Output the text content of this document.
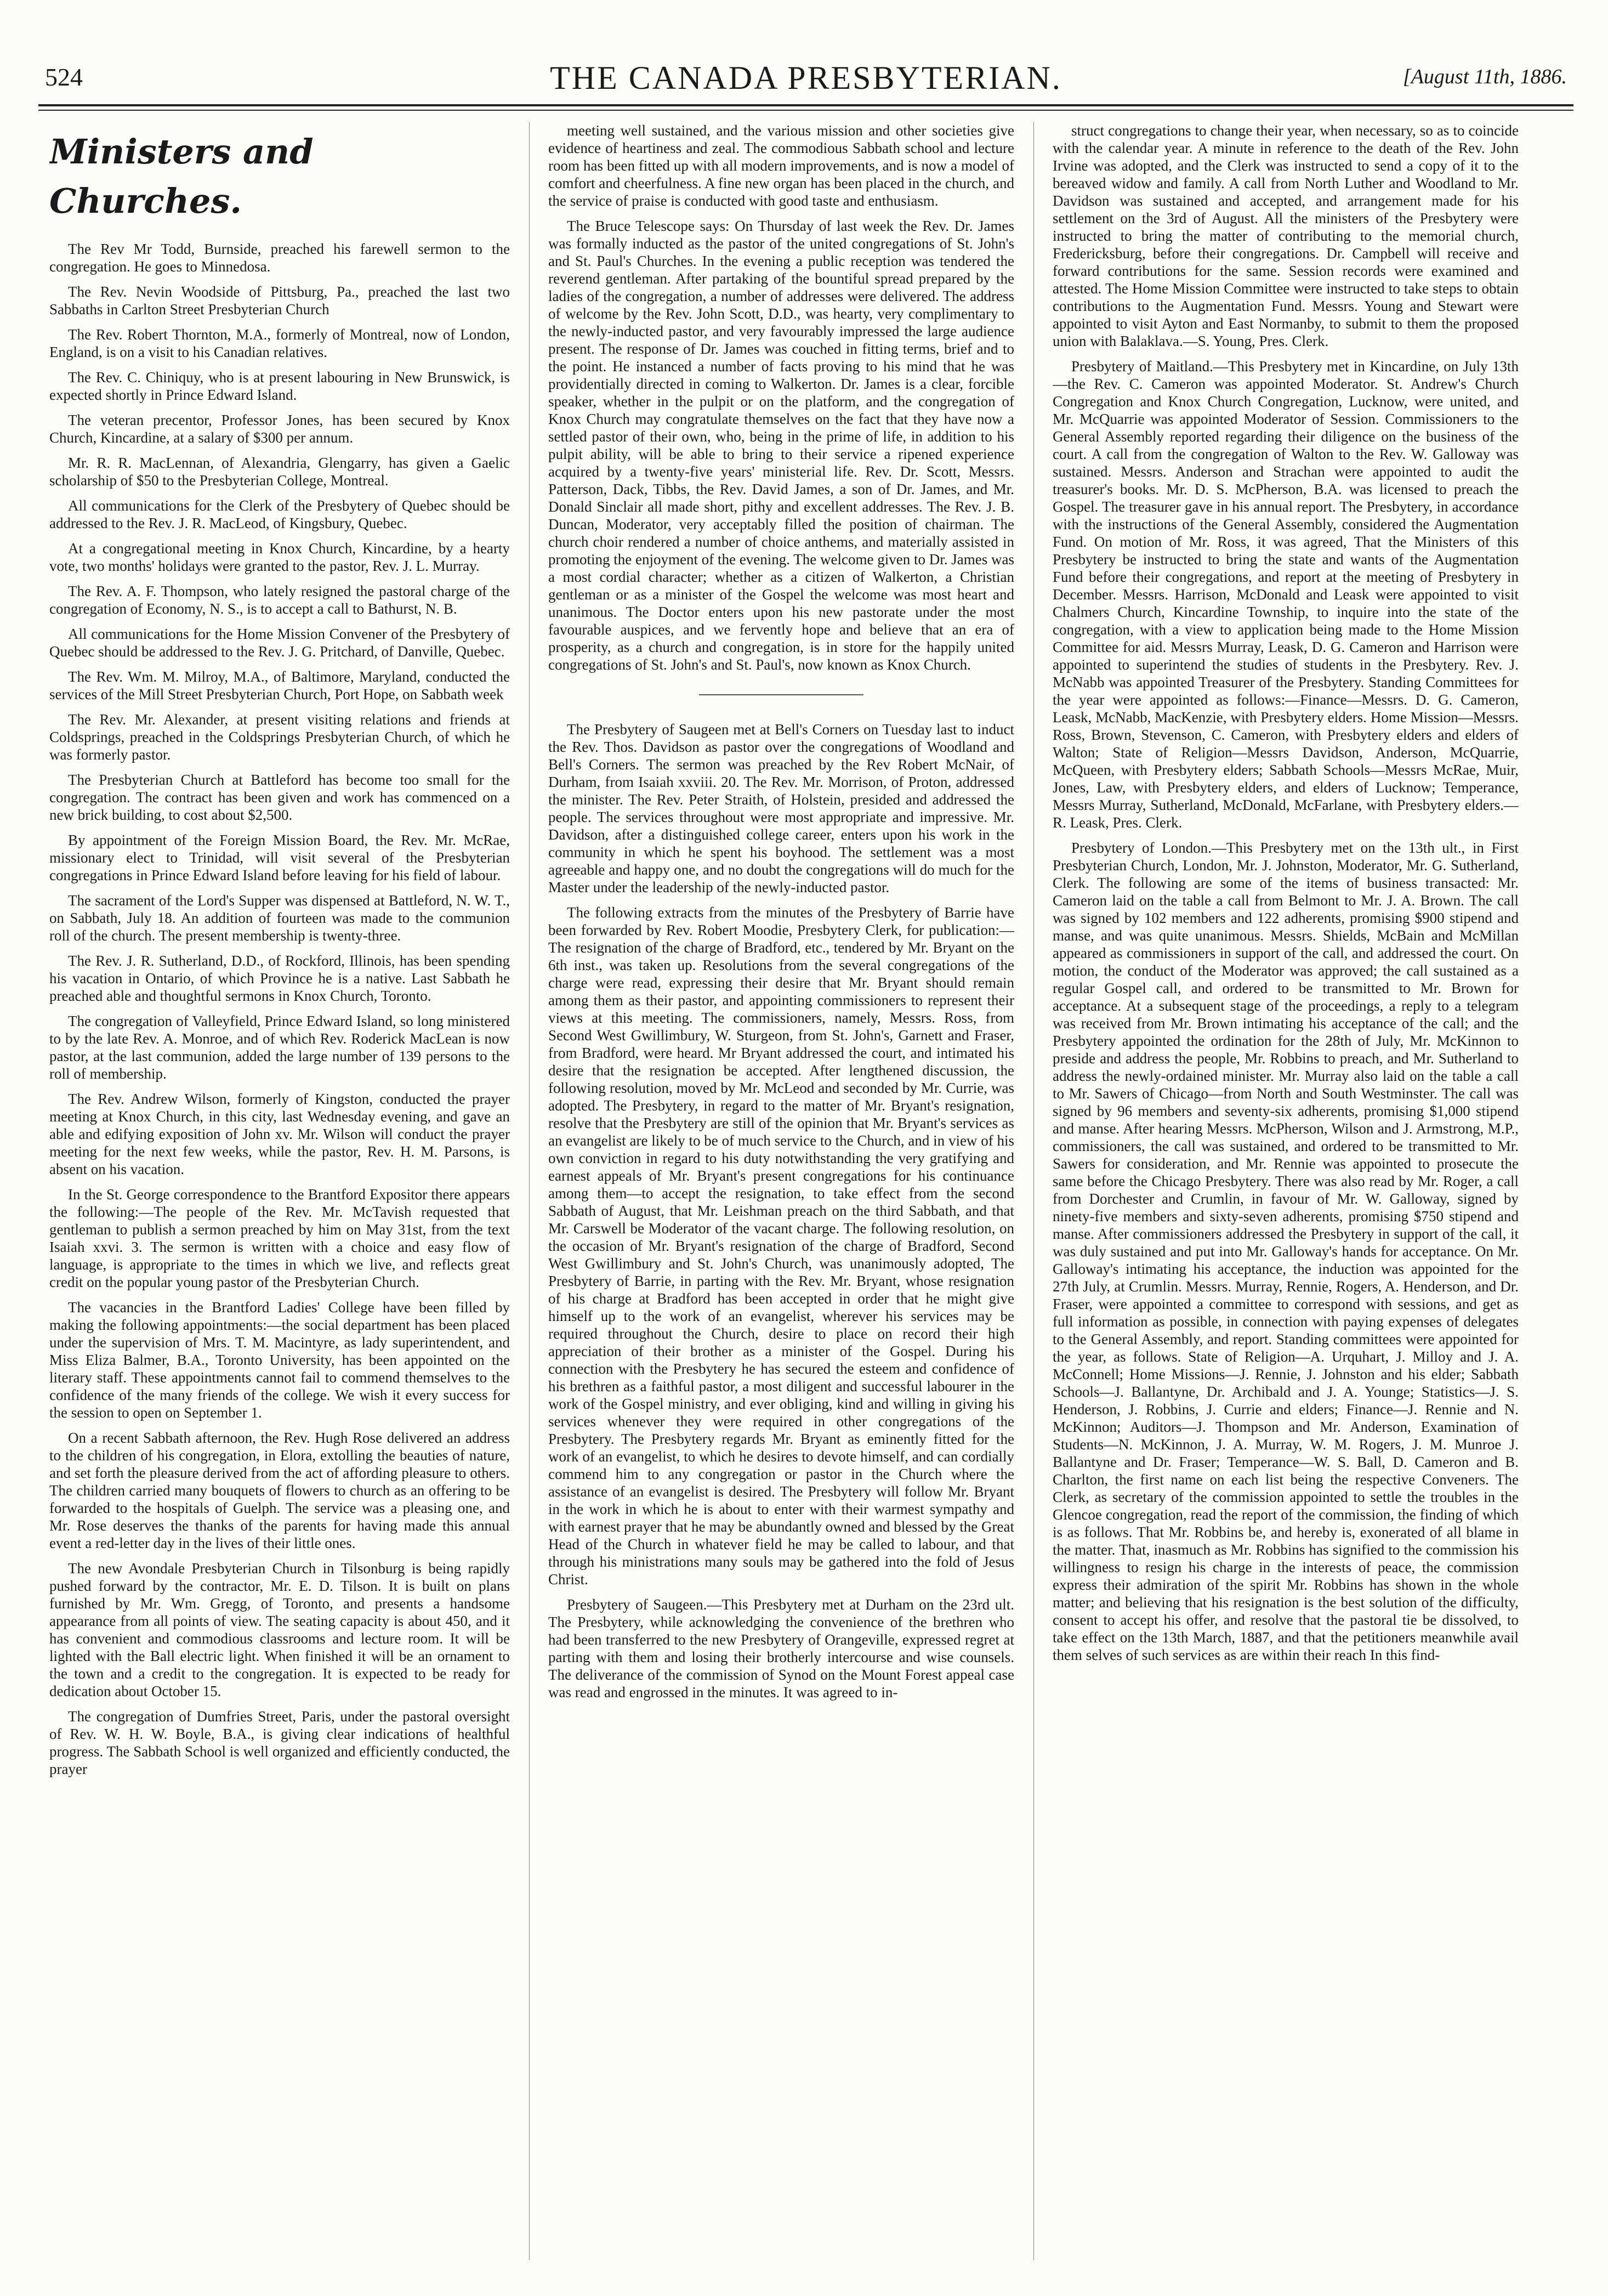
524	THE CANADA PRESBYTERIAN.	[August 11th, 1886.
Ministers and Churches.

The Rev Mr Todd, Burnside, preached his farewell sermon to the congregation. He goes to Minnedosa.

The Rev. Nevin Woodside of Pittsburg, Pa., preached the last two Sabbaths in Carlton Street Presbyterian Church

The Rev. Robert Thornton, M.A., formerly of Montreal, now of London, England, is on a visit to his Canadian relatives.

The Rev. C. Chiniquy, who is at present labouring in New Brunswick, is expected shortly in Prince Edward Island.

The veteran precentor, Professor Jones, has been secured by Knox Church, Kincardine, at a salary of $300 per annum.

Mr. R. R. MacLennan, of Alexandria, Glengarry, has given a Gaelic scholarship of $50 to the Presbyterian College, Montreal.

All communications for the Clerk of the Presbytery of Quebec should be addressed to the Rev. J. R. MacLeod, of Kingsbury, Quebec.

At a congregational meeting in Knox Church, Kincardine, by a hearty vote, two months' holidays were granted to the pastor, Rev. J. L. Murray.

The Rev. A. F. Thompson, who lately resigned the pastoral charge of the congregation of Economy, N. S., is to accept a call to Bathurst, N. B.

All communications for the Home Mission Convener of the Presbytery of Quebec should be addressed to the Rev. J. G. Pritchard, of Danville, Quebec.

The Rev. Wm. M. Milroy, M.A., of Baltimore, Maryland, conducted the services of the Mill Street Presbyterian Church, Port Hope, on Sabbath week

The Rev. Mr. Alexander, at present visiting relations and friends at Coldsprings, preached in the Coldsprings Presbyterian Church, of which he was formerly pastor.

The Presbyterian Church at Battleford has become too small for the congregation. The contract has been given and work has commenced on a new brick building, to cost about $2,500.

By appointment of the Foreign Mission Board, the Rev. Mr. McRae, missionary elect to Trinidad, will visit several of the Presbyterian congregations in Prince Edward Island before leaving for his field of labour.

The sacrament of the Lord's Supper was dispensed at Battleford, N. W. T., on Sabbath, July 18. An addition of fourteen was made to the communion roll of the church. The present membership is twenty-three.

The Rev. J. R. Sutherland, D.D., of Rockford, Illinois, has been spending his vacation in Ontario, of which Province he is a native. Last Sabbath he preached able and thoughtful sermons in Knox Church, Toronto.

The congregation of Valleyfield, Prince Edward Island, so long ministered to by the late Rev. A. Monroe, and of which Rev. Roderick MacLean is now pastor, at the last communion, added the large number of 139 persons to the roll of membership.

The Rev. Andrew Wilson, formerly of Kingston, conducted the prayer meeting at Knox Church, in this city, last Wednesday evening, and gave an able and edifying exposition of John xv. Mr. Wilson will conduct the prayer meeting for the next few weeks, while the pastor, Rev. H. M. Parsons, is absent on his vacation.

In the St. George correspondence to the Brantford Expositor there appears the following:—The people of the Rev. Mr. McTavish requested that gentleman to publish a sermon preached by him on May 31st, from the text Isaiah xxvi. 3. The sermon is written with a choice and easy flow of language, is appropriate to the times in which we live, and reflects great credit on the popular young pastor of the Presbyterian Church.

The vacancies in the Brantford Ladies' College have been filled by making the following appointments:—the social department has been placed under the supervision of Mrs. T. M. Macintyre, as lady superintendent, and Miss Eliza Balmer, B.A., Toronto University, has been appointed on the literary staff. These appointments cannot fail to commend themselves to the confidence of the many friends of the college. We wish it every success for the session to open on September 1.

On a recent Sabbath afternoon, the Rev. Hugh Rose delivered an address to the children of his congregation, in Elora, extolling the beauties of nature, and set forth the pleasure derived from the act of affording pleasure to others. The children carried many bouquets of flowers to church as an offering to be forwarded to the hospitals of Guelph. The service was a pleasing one, and Mr. Rose deserves the thanks of the parents for having made this annual event a red-letter day in the lives of their little ones.

The new Avondale Presbyterian Church in Tilsonburg is being rapidly pushed forward by the contractor, Mr. E. D. Tilson. It is built on plans furnished by Mr. Wm. Gregg, of Toronto, and presents a handsome appearance from all points of view. The seating capacity is about 450, and it has convenient and commodious classrooms and lecture room. It will be lighted with the Ball electric light. When finished it will be an ornament to the town and a credit to the congregation. It is expected to be ready for dedication about October 15.

The congregation of Dumfries Street, Paris, under the pastoral oversight of Rev. W. H. W. Boyle, B.A., is giving clear indications of healthful progress. The Sabbath School is well organized and efficiently conducted, the prayer

meeting well sustained, and the various mission and other societies give evidence of heartiness and zeal. The commodious Sabbath school and lecture room has been fitted up with all modern improvements, and is now a model of comfort and cheerfulness. A fine new organ has been placed in the church, and the service of praise is conducted with good taste and enthusiasm.

The Bruce Telescope says: On Thursday of last week the Rev. Dr. James was formally inducted as the pastor of the united congregations of St. John's and St. Paul's Churches. In the evening a public reception was tendered the reverend gentleman. After partaking of the bountiful spread prepared by the ladies of the congregation, a number of addresses were delivered. The address of welcome by the Rev. John Scott, D.D., was hearty, very complimentary to the newly-inducted pastor, and very favourably impressed the large audience present. The response of Dr. James was couched in fitting terms, brief and to the point. He instanced a number of facts proving to his mind that he was providentially directed in coming to Walkerton. Dr. James is a clear, forcible speaker, whether in the pulpit or on the platform, and the congregation of Knox Church may congratulate themselves on the fact that they have now a settled pastor of their own, who, being in the prime of life, in addition to his pulpit ability, will be able to bring to their service a ripened experience acquired by a twenty-five years' ministerial life. Rev. Dr. Scott, Messrs. Patterson, Dack, Tibbs, the Rev. David James, a son of Dr. James, and Mr. Donald Sinclair all made short, pithy and excellent addresses. The Rev. J. B. Duncan, Moderator, very acceptably filled the position of chairman. The church choir rendered a number of choice anthems, and materially assisted in promoting the enjoyment of the evening. The welcome given to Dr. James was a most cordial character; whether as a citizen of Walkerton, a Christian gentleman or as a minister of the Gospel the welcome was most heart and unanimous. The Doctor enters upon his new pastorate under the most favourable auspices, and we fervently hope and believe that an era of prosperity, as a church and congregation, is in store for the happily united congregations of St. John's and St. Paul's, now known as Knox Church.

The Presbytery of Saugeen met at Bell's Corners on Tuesday last to induct the Rev. Thos. Davidson as pastor over the congregations of Woodland and Bell's Corners. The sermon was preached by the Rev Robert McNair, of Durham, from Isaiah xxviii. 20. The Rev. Mr. Morrison, of Proton, addressed the minister. The Rev. Peter Straith, of Holstein, presided and addressed the people. The services throughout were most appropriate and impressive. Mr. Davidson, after a distinguished college career, enters upon his work in the community in which he spent his boyhood. The settlement was a most agreeable and happy one, and no doubt the congregations will do much for the Master under the leadership of the newly-inducted pastor.

The following extracts from the minutes of the Presbytery of Barrie have been forwarded by Rev. Robert Moodie, Presbytery Clerk, for publication:—The resignation of the charge of Bradford, etc., tendered by Mr. Bryant on the 6th inst., was taken up. Resolutions from the several congregations of the charge were read, expressing their desire that Mr. Bryant should remain among them as their pastor, and appointing commissioners to represent their views at this meeting. The commissioners, namely, Messrs. Ross, from Second West Gwillimbury, W. Sturgeon, from St. John's, Garnett and Fraser, from Bradford, were heard. Mr Bryant addressed the court, and intimated his desire that the resignation be accepted. After lengthened discussion, the following resolution, moved by Mr. McLeod and seconded by Mr. Currie, was adopted. The Presbytery, in regard to the matter of Mr. Bryant's resignation, resolve that the Presbytery are still of the opinion that Mr. Bryant's services as an evangelist are likely to be of much service to the Church, and in view of his own conviction in regard to his duty notwithstanding the very gratifying and earnest appeals of Mr. Bryant's present congregations for his continuance among them—to accept the resignation, to take effect from the second Sabbath of August, that Mr. Leishman preach on the third Sabbath, and that Mr. Carswell be Moderator of the vacant charge. The following resolution, on the occasion of Mr. Bryant's resignation of the charge of Bradford, Second West Gwillimbury and St. John's Church, was unanimously adopted, The Presbytery of Barrie, in parting with the Rev. Mr. Bryant, whose resignation of his charge at Bradford has been accepted in order that he might give himself up to the work of an evangelist, wherever his services may be required throughout the Church, desire to place on record their high appreciation of their brother as a minister of the Gospel. During his connection with the Presbytery he has secured the esteem and confidence of his brethren as a faithful pastor, a most diligent and successful labourer in the work of the Gospel ministry, and ever obliging, kind and willing in giving his services whenever they were required in other congregations of the Presbytery. The Presbytery regards Mr. Bryant as eminently fitted for the work of an evangelist, to which he desires to devote himself, and can cordially commend him to any congregation or pastor in the Church where the assistance of an evangelist is desired. The Presbytery will follow Mr. Bryant in the work in which he is about to enter with their warmest sympathy and with earnest prayer that he may be abundantly owned and blessed by the Great Head of the Church in whatever field he may be called to labour, and that through his ministrations many souls may be gathered into the fold of Jesus Christ.

Presbytery of Saugeen.—This Presbytery met at Durham on the 23rd ult. The Presbytery, while acknowledging the convenience of the brethren who had been transferred to the new Presbytery of Orangeville, expressed regret at parting with them and losing their brotherly intercourse and wise counsels. The deliverance of the commission of Synod on the Mount Forest appeal case was read and engrossed in the minutes. It was agreed to in-

struct congregations to change their year, when necessary, so as to coincide with the calendar year. A minute in reference to the death of the Rev. John Irvine was adopted, and the Clerk was instructed to send a copy of it to the bereaved widow and family. A call from North Luther and Woodland to Mr. Davidson was sustained and accepted, and arrangement made for his settlement on the 3rd of August. All the ministers of the Presbytery were instructed to bring the matter of contributing to the memorial church, Fredericksburg, before their congregations. Dr. Campbell will receive and forward contributions for the same. Session records were examined and attested. The Home Mission Committee were instructed to take steps to obtain contributions to the Augmentation Fund. Messrs. Young and Stewart were appointed to visit Ayton and East Normanby, to submit to them the proposed union with Balaklava.—S. Young, Pres. Clerk.

Presbytery of Maitland.—This Presbytery met in Kincardine, on July 13th—the Rev. C. Cameron was appointed Moderator. St. Andrew's Church Congregation and Knox Church Congregation, Lucknow, were united, and Mr. McQuarrie was appointed Moderator of Session. Commissioners to the General Assembly reported regarding their diligence on the business of the court. A call from the congregation of Walton to the Rev. W. Galloway was sustained. Messrs. Anderson and Strachan were appointed to audit the treasurer's books. Mr. D. S. McPherson, B.A. was licensed to preach the Gospel. The treasurer gave in his annual report. The Presbytery, in accordance with the instructions of the General Assembly, considered the Augmentation Fund. On motion of Mr. Ross, it was agreed, That the Ministers of this Presbytery be instructed to bring the state and wants of the Augmentation Fund before their congregations, and report at the meeting of Presbytery in December. Messrs. Harrison, McDonald and Leask were appointed to visit Chalmers Church, Kincardine Township, to inquire into the state of the congregation, with a view to application being made to the Home Mission Committee for aid. Messrs Murray, Leask, D. G. Cameron and Harrison were appointed to superintend the studies of students in the Presbytery. Rev. J. McNabb was appointed Treasurer of the Presbytery. Standing Committees for the year were appointed as follows:—Finance—Messrs. D. G. Cameron, Leask, McNabb, MacKenzie, with Presbytery elders. Home Mission—Messrs. Ross, Brown, Stevenson, C. Cameron, with Presbytery elders and elders of Walton; State of Religion—Messrs Davidson, Anderson, McQuarrie, McQueen, with Presbytery elders; Sabbath Schools—Messrs McRae, Muir, Jones, Law, with Presbytery elders, and elders of Lucknow; Temperance, Messrs Murray, Sutherland, McDonald, McFarlane, with Presbytery elders.—R. Leask, Pres. Clerk.

Presbytery of London.—This Presbytery met on the 13th ult., in First Presbyterian Church, London, Mr. J. Johnston, Moderator, Mr. G. Sutherland, Clerk. The following are some of the items of business transacted: Mr. Cameron laid on the table a call from Belmont to Mr. J. A. Brown. The call was signed by 102 members and 122 adherents, promising $900 stipend and manse, and was quite unanimous. Messrs. Shields, McBain and McMillan appeared as commissioners in support of the call, and addressed the court. On motion, the conduct of the Moderator was approved; the call sustained as a regular Gospel call, and ordered to be transmitted to Mr. Brown for acceptance. At a subsequent stage of the proceedings, a reply to a telegram was received from Mr. Brown intimating his acceptance of the call; and the Presbytery appointed the ordination for the 28th of July, Mr. McKinnon to preside and address the people, Mr. Robbins to preach, and Mr. Sutherland to address the newly-ordained minister. Mr. Murray also laid on the table a call to Mr. Sawers of Chicago—from North and South Westminster. The call was signed by 96 members and seventy-six adherents, promising $1,000 stipend and manse. After hearing Messrs. McPherson, Wilson and J. Armstrong, M.P., commissioners, the call was sustained, and ordered to be transmitted to Mr. Sawers for consideration, and Mr. Rennie was appointed to prosecute the same before the Chicago Presbytery. There was also read by Mr. Roger, a call from Dorchester and Crumlin, in favour of Mr. W. Galloway, signed by ninety-five members and sixty-seven adherents, promising $750 stipend and manse. After commissioners addressed the Presbytery in support of the call, it was duly sustained and put into Mr. Galloway's hands for acceptance. On Mr. Galloway's intimating his acceptance, the induction was appointed for the 27th July, at Crumlin. Messrs. Murray, Rennie, Rogers, A. Henderson, and Dr. Fraser, were appointed a committee to correspond with sessions, and get as full information as possible, in connection with paying expenses of delegates to the General Assembly, and report. Standing committees were appointed for the year, as follows. State of Religion—A. Urquhart, J. Milloy and J. A. McConnell; Home Missions—J. Rennie, J. Johnston and his elder; Sabbath Schools—J. Ballantyne, Dr. Archibald and J. A. Younge; Statistics—J. S. Henderson, J. Robbins, J. Currie and elders; Finance—J. Rennie and N. McKinnon; Auditors—J. Thompson and Mr. Anderson, Examination of Students—N. McKinnon, J. A. Murray, W. M. Rogers, J. M. Munroe J. Ballantyne and Dr. Fraser; Temperance—W. S. Ball, D. Cameron and B. Charlton, the first name on each list being the respective Conveners. The Clerk, as secretary of the commission appointed to settle the troubles in the Glencoe congregation, read the report of the commission, the finding of which is as follows. That Mr. Robbins be, and hereby is, exonerated of all blame in the matter. That, inasmuch as Mr. Robbins has signified to the commission his willingness to resign his charge in the interests of peace, the commission express their admiration of the spirit Mr. Robbins has shown in the whole matter; and believing that his resignation is the best solution of the difficulty, consent to accept his offer, and resolve that the pastoral tie be dissolved, to take effect on the 13th March, 1887, and that the petitioners meanwhile avail them selves of such services as are within their reach In this find-
